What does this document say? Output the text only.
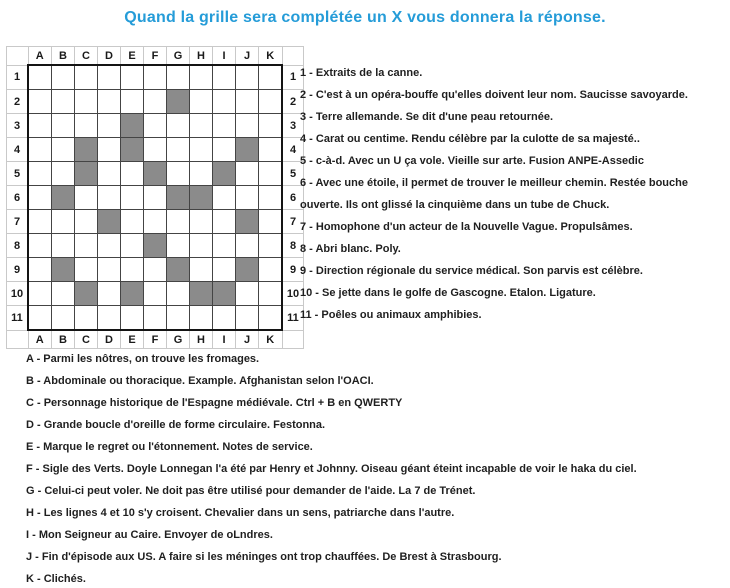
Quand la grille sera complétée un X vous donnera la réponse.
	A	B	C	D	E	F	G	H	I	J	K	
1												1
2												2
3												3
4												4
5												5
6												6
7												7
8												8
9												9
10												10
11												11
	A	B	C	D	E	F	G	H	I	J	K	
1 - Extraits de la canne.
2 - C'est à un opéra-bouffe qu'elles doivent leur nom. Saucisse savoyarde.
3 - Terre allemande. Se dit d'une peau retournée.
4 - Carat ou centime. Rendu célèbre par la culotte de sa majesté..
5 - c-à-d. Avec un U ça vole. Vieille sur arte. Fusion ANPE-Assedic
6 - Avec une étoile, il permet de trouver le meilleur chemin. Restée bouche ouverte. Ils ont glissé la cinquième dans un tube de Chuck.
7 - Homophone d'un acteur de la Nouvelle Vague. Propulsâmes.
8 - Abri blanc. Poly.
9 - Direction régionale du service médical. Son parvis est célèbre.
10 - Se jette dans le golfe de Gascogne. Etalon. Ligature.
11 - Poêles ou animaux amphibies.
A - Parmi les nôtres, on trouve les fromages.
B - Abdominale ou thoracique. Example. Afghanistan selon l'OACI.
C - Personnage historique de l'Espagne médiévale. Ctrl + B en QWERTY
D - Grande boucle d'oreille de forme circulaire. Festonna.
E - Marque le regret ou l'étonnement. Notes de service.
F - Sigle des Verts. Doyle Lonnegan l'a été par Henry et Johnny. Oiseau géant éteint incapable de voir le haka du ciel.
G - Celui-ci peut voler. Ne doit pas être utilisé pour demander de l'aide. La 7 de Trénet.
H - Les lignes 4 et 10 s'y croisent. Chevalier dans un sens, patriarche dans l'autre.
I - Mon Seigneur au Caire. Envoyer de oLndres.
J - Fin d'épisode aux US. A faire si les méninges ont trop chauffées. De Brest à Strasbourg.
K - Clichés.
